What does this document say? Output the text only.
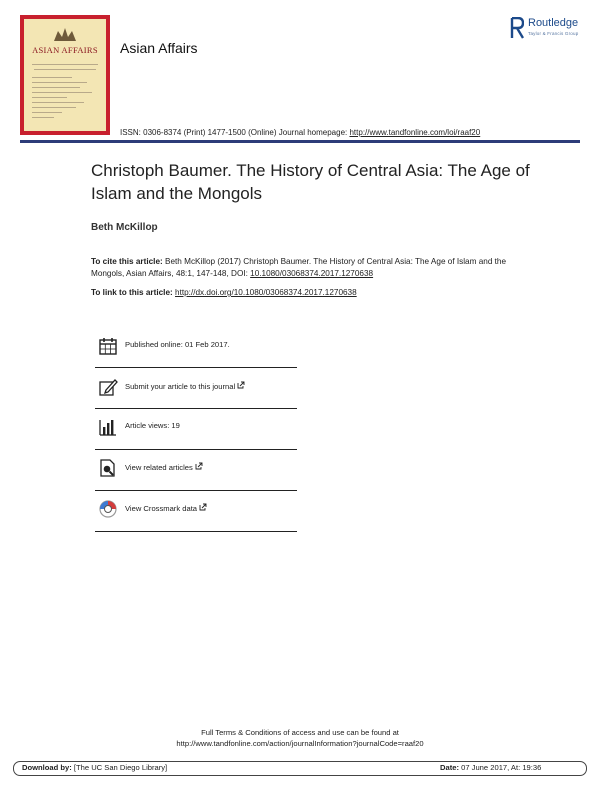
ASIAN AFFAIRS	Asian Affairs
Routledge
Taylor & Francis Group
ISSN: 0306-8374 (Print) 1477-1500 (Online) Journal homepage: http://www.tandfonline.com/loi/raaf20
Christoph Baumer. The History of Central Asia: The Age of Islam and the Mongols
Beth McKillop
To cite this article: Beth McKillop (2017) Christoph Baumer. The History of Central Asia: The Age of Islam and the Mongols, Asian Affairs, 48:1, 147-148, DOI: 10.1080/03068374.2017.1270638
To link to this article: http://dx.doi.org/10.1080/03068374.2017.1270638
Published online: 01 Feb 2017.
Submit your article to this journal
Article views: 19
View related articles
View Crossmark data
Full Terms & Conditions of access and use can be found at
http://www.tandfonline.com/action/journalInformation?journalCode=raaf20
Download by: [The UC San Diego Library]	Date: 07 June 2017, At: 19:36
